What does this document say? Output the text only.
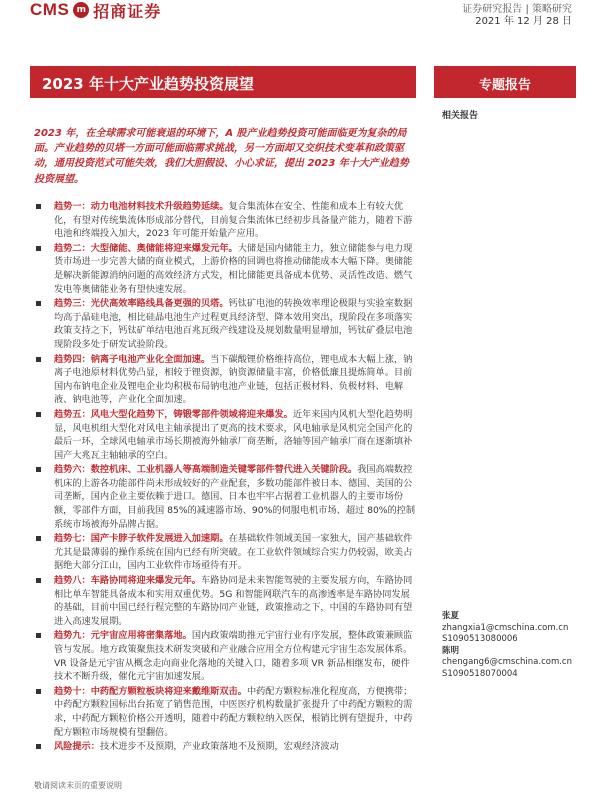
CMS m 招商证券	证券研究报告 | 策略研究
2021 年 12 月 28 日
2023 年十大产业趋势投资展望	专题报告
相关报告
2023 年，在全球需求可能衰退的环境下，A 股产业趋势投资可能面临更为复杂的局面。产业趋势的贝塔一方面可能面临需求挑战，另一方面却又交织技术变革和政策驱动，通用投资范式可能失效，我们大胆假设、小心求证，提出 2023 年十大产业趋势投资展望。
趋势一：动力电池材料技术升级趋势延续。复合集流体在安全、性能和成本上有较大优化，有望对传统集流体形成部分替代，目前复合集流体已经初步具备量产能力，随着下游电池和终端投入加大，2023 年可能开始量产应用。
趋势二：大型储能、奥储能将迎来爆发元年。大储是国内储能主力，独立储能参与电力现货市场进一步完善大储的商业模式，上游价格的回调也将推动储能成本大幅下降。奥储能是解决新能源消纳问题的高效经济方式发，相比储能更具备成本优势、灵活性改造、燃气发电等奥储能业务有望快速发展。
趋势三：光伏高效率路线具备更强的贝塔。钙钛矿电池的转换效率理论极限与实验室数据均高于晶硅电池，相比硅晶电池生产过程更具经济型、降本效用突出，现阶段在多项落实政策支持之下，钙钛矿单结电池百兆瓦级产线建设及规划数量明显增加，钙钛矿叠层电池现阶段多处于研发试验阶段。
趋势四：钠离子电池产业化全面加速。当下碳酸锂价格维持高位，锂电成本大幅上涨，钠离子电池原材料优势凸显，相较于锂资源，钠资源储量丰富，价格低廉且提炼简单。目前国内布钠电企业及锂电企业均积极布局钠电池产业链，包括正极材料、负极材料、电解液、钠电池等，产业化全面加速。
趋势五：风电大型化趋势下，铸锻零部件领域将迎来爆发。近年来国内风机大型化趋势明显，风电机组大型化对风电主轴承提出了更高的技术要求，风电轴承是风机完全国产化的最后一环，全球风电轴承市场长期被海外轴承厂商垄断，洛轴等国产轴承厂商在逐渐填补国产大兆瓦主轴轴承的空白。
趋势六：数控机床、工业机器人等高端制造关键零部件替代进入关键阶段。我国高端数控机床的上游各功能部件尚未形成较好的产业配套，多数功能部件被日本、德国、美国的公司垄断，国内企业主要依赖于进口。德国、日本也牢牢占据着工业机器人的主要市场份额，零部件方面，目前我国 85%的减速器市场、90%的伺服电机市场、超过 80%的控制系统市场被海外品牌占据。
趋势七：国产卡脖子软件发展进入加速期。在基础软件领域美国一家独大，国产基础软件尤其是最薄弱的操作系统在国内已经有所突破。在工业软件领域综合实力仍较弱，欧美占据绝大部分江山，国内工业软件市场亟待有开。
趋势八：车路协同将迎来爆发元年。车路协同是未来智能驾驶的主要发展方向，车路协同相比单车智能具备成本和实用双重优势。5G 和智能网联汽车的高渗透率是车路协同发展的基础，目前中国已经行程完整的车路协同产业链，政策推动之下，中国的车路协同有望进入高速发展期。
趋势九：元宇宙应用将密集落地。国内政策端助推元宇宙行业有序发展，整体政策兼顾监管与发展。地方政策聚焦技术研发突破和产业融合应用全方位构建元宇宙生态发展体系。VR 设备是元宇宙从概念走向商业化落地的关键入口，随着多项 VR 新品相继发布，硬件技术不断升级，催化元宇宙加速发展。
趋势十：中药配方颗粒板块将迎来戴维斯双击。中药配方颗粒标准化程度高，方便携带；中药配方颗粒国标出台拓宽了销售范围，中医医疗机构数量扩张提升了中药配方颗粒的需求，中药配方颗粒价格公开透明，随着中药配方颗粒纳入医保，根销比例有望提升，中药配方颗粒市场规模有望翻倍。
风险提示：技术进步不及预期，产业政策落地不及预期，宏观经济波动
张夏
zhangxia1@cmschina.com.cn
S1090513080006
陈明
chengang6@cmschina.com.cn
S1090518070004
敬请阅读末页的重要说明
